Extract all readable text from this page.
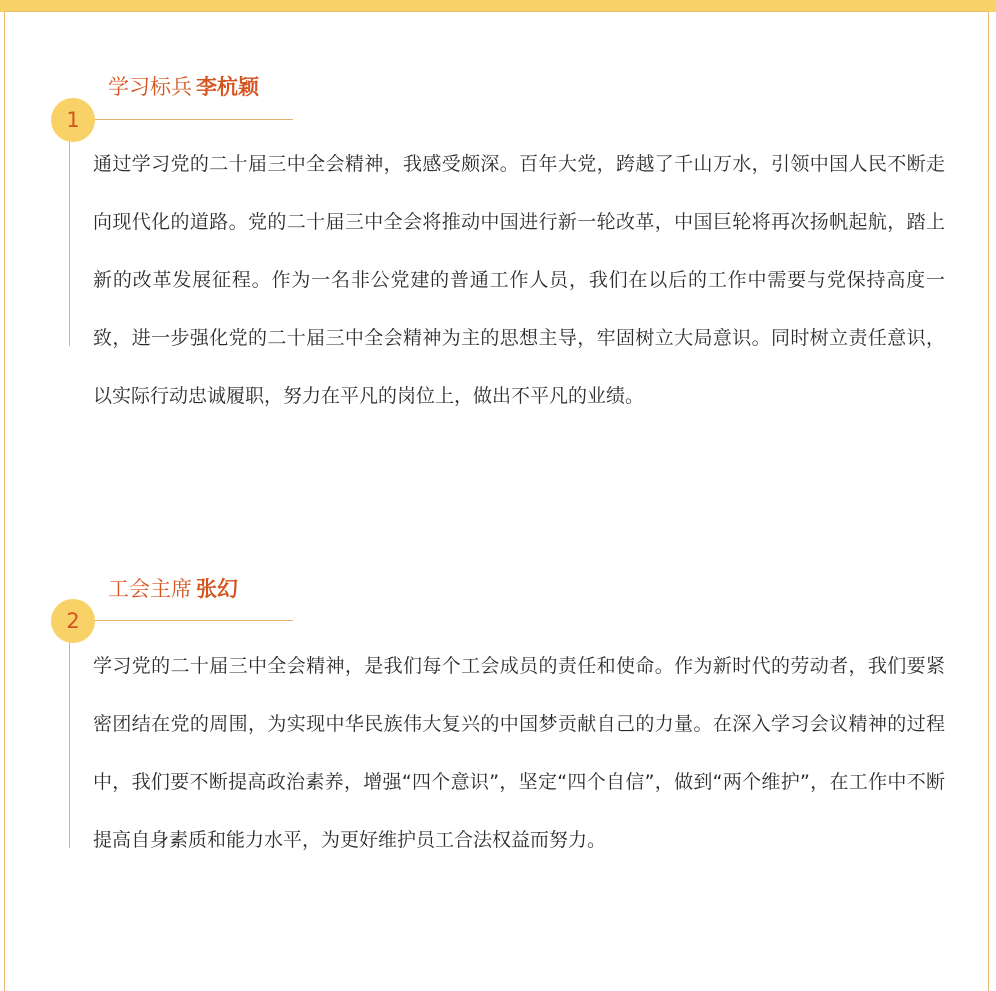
学习标兵 李杭颖
1

通过学习党的二十届三中全会精神，我感受颇深。百年大党，跨越了千山万水，引领中国人民不断走向现代化的道路。党的二十届三中全会将推动中国进行新一轮改革，中国巨轮将再次扬帆起航，踏上新的改革发展征程。作为一名非公党建的普通工作人员，我们在以后的工作中需要与党保持高度一致，进一步强化党的二十届三中全会精神为主的思想主导，牢固树立大局意识。同时树立责任意识，以实际行动忠诚履职，努力在平凡的岗位上，做出不平凡的业绩。

工会主席 张幻
2

学习党的二十届三中全会精神，是我们每个工会成员的责任和使命。作为新时代的劳动者，我们要紧密团结在党的周围，为实现中华民族伟大复兴的中国梦贡献自己的力量。在深入学习会议精神的过程中，我们要不断提高政治素养，增强“四个意识”，坚定“四个自信”，做到“两个维护”，在工作中不断提高自身素质和能力水平，为更好维护员工合法权益而努力。
